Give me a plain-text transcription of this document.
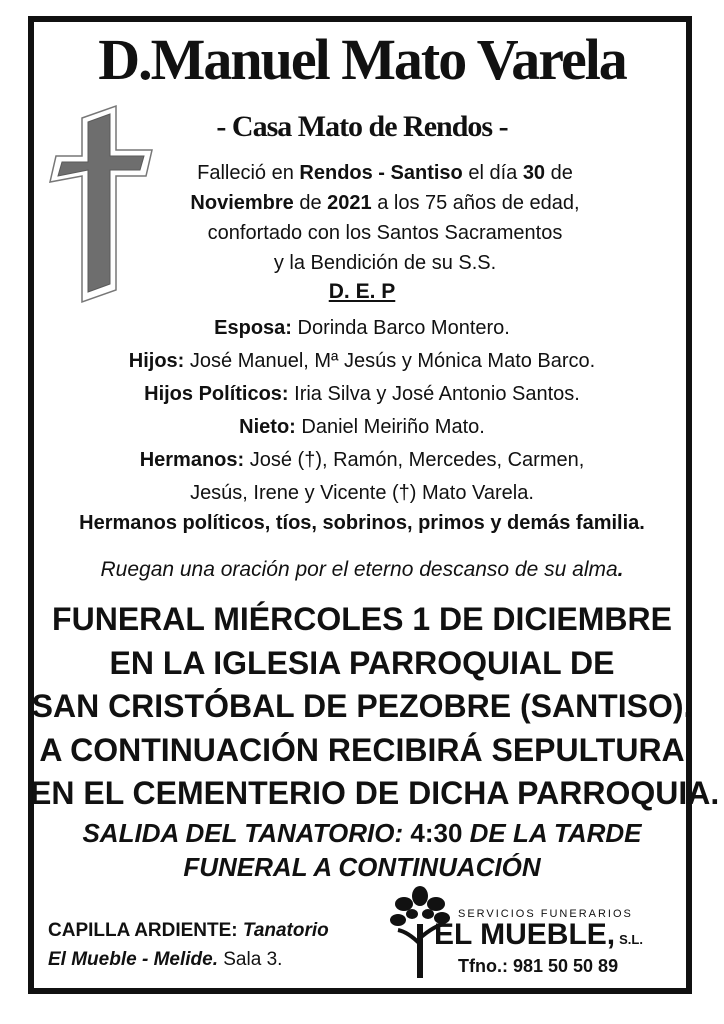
D.Manuel Mato Varela
- Casa Mato de Rendos -
Falleció en Rendos - Santiso el día 30 de
Noviembre de 2021 a los 75 años de edad,
confortado con los Santos Sacramentos
y la Bendición de su S.S.
D. E. P
Esposa: Dorinda Barco Montero.
Hijos: José Manuel, Mª Jesús y Mónica Mato Barco.
Hijos Políticos: Iria Silva y José Antonio Santos.
Nieto: Daniel Meiriño Mato.
Hermanos: José (†), Ramón, Mercedes, Carmen,
Jesús, Irene y Vicente (†) Mato Varela.
Hermanos políticos, tíos, sobrinos, primos y demás familia.
Ruegan una oración por el eterno descanso de su alma.
FUNERAL MIÉRCOLES 1 DE DICIEMBRE
EN LA IGLESIA PARROQUIAL DE
SAN CRISTÓBAL DE PEZOBRE (SANTISO).
A CONTINUACIÓN RECIBIRÁ SEPULTURA
EN EL CEMENTERIO DE DICHA PARROQUIA.
SALIDA DEL TANATORIO: 4:30 DE LA TARDE
FUNERAL A CONTINUACIÓN
CAPILLA ARDIENTE: Tanatorio
El Mueble - Melide. Sala 3.
SERVICIOS FUNERARIOS
EL MUEBLE, S.L.
Tfno.: 981 50 50 89
